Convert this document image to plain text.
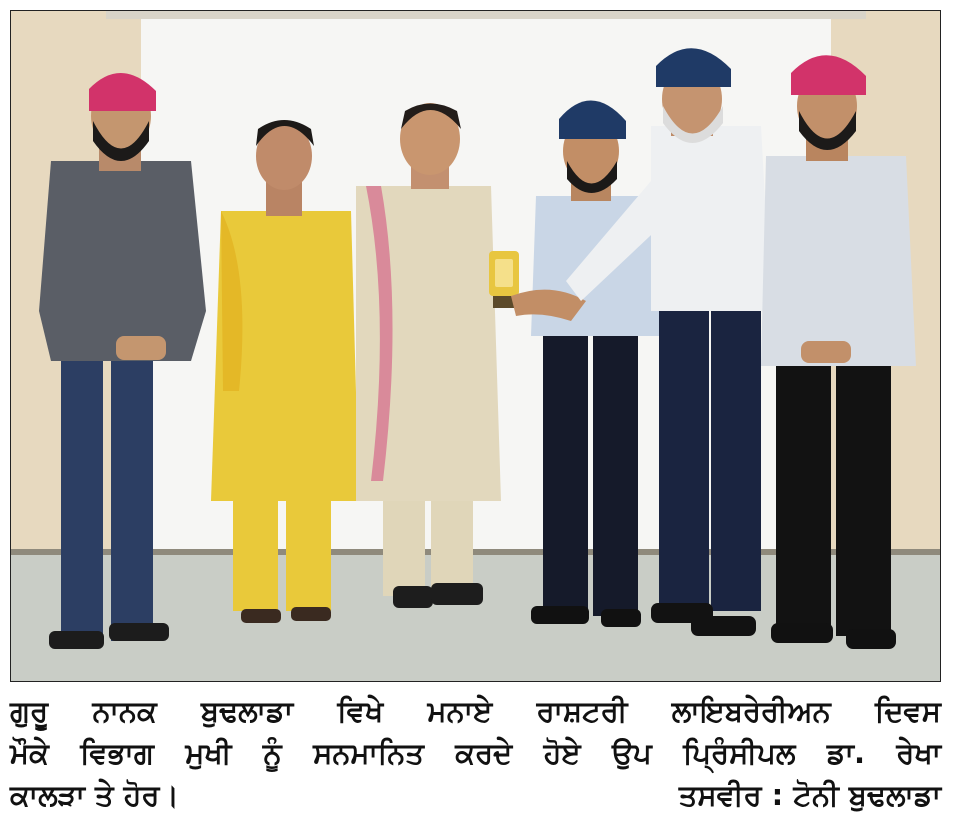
ਗੁਰੂ ਨਾਨਕ ਬੁਢਲਾਡਾ ਵਿਖੇ ਮਨਾਏ ਰਾਸ਼ਟਰੀ ਲਾਇਬਰੇਰੀਅਨ ਦਿਵਸ
ਮੌਕੇ ਵਿਭਾਗ ਮੁਖੀ ਨੂੰ ਸਨਮਾਨਿਤ ਕਰਦੇ ਹੋਏ ਉਪ ਪ੍ਰਿੰਸੀਪਲ ਡਾ. ਰੇਖਾ
ਕਾਲੜਾ ਤੇ ਹੋਰ।	ਤਸਵੀਰ : ਟੋਨੀ ਬੁਢਲਾਡਾ
